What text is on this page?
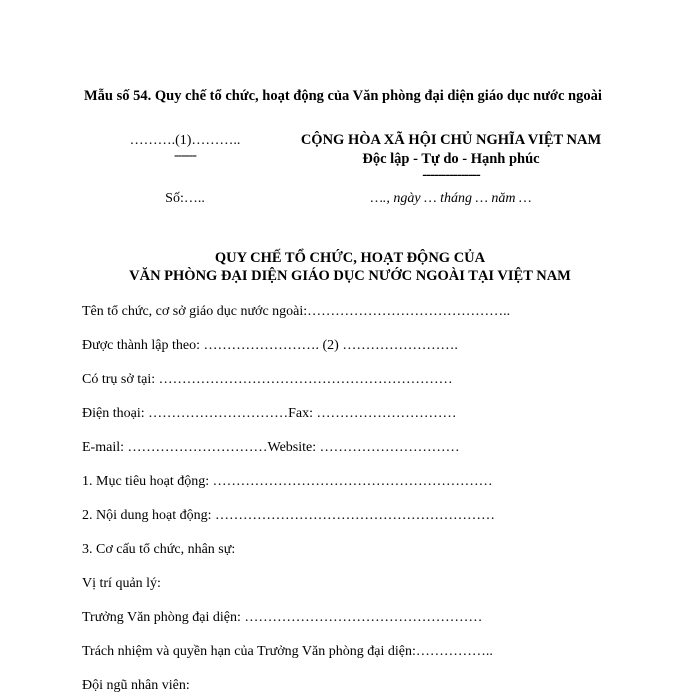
Mẫu số 54. Quy chế tổ chức, hoạt động của Văn phòng đại diện giáo dục nước ngoài
……….(1)………..
------
CỘNG HÒA XÃ HỘI CHỦ NGHĨA VIỆT NAM
Độc lập - Tự do - Hạnh phúc
---------------
Số:…..	…., ngày … tháng … năm …
QUY CHẾ TỔ CHỨC, HOẠT ĐỘNG CỦA
VĂN PHÒNG ĐẠI DIỆN GIÁO DỤC NƯỚC NGOÀI TẠI VIỆT NAM
Tên tổ chức, cơ sở giáo dục nước ngoài:……………………………………..
Được thành lập theo: ……………………. (2) …………………….
Có trụ sở tại: ………………………………………………………
Điện thoại: …………………………Fax: …………………………
E-mail: …………………………Website: …………………………
1. Mục tiêu hoạt động: ……………………………………………………
2. Nội dung hoạt động: ……………………………………………………
3. Cơ cấu tổ chức, nhân sự:
Vị trí quản lý:
Trưởng Văn phòng đại diện: ……………………………………………
Trách nhiệm và quyền hạn của Trưởng Văn phòng đại diện:……………..
Đội ngũ nhân viên:
